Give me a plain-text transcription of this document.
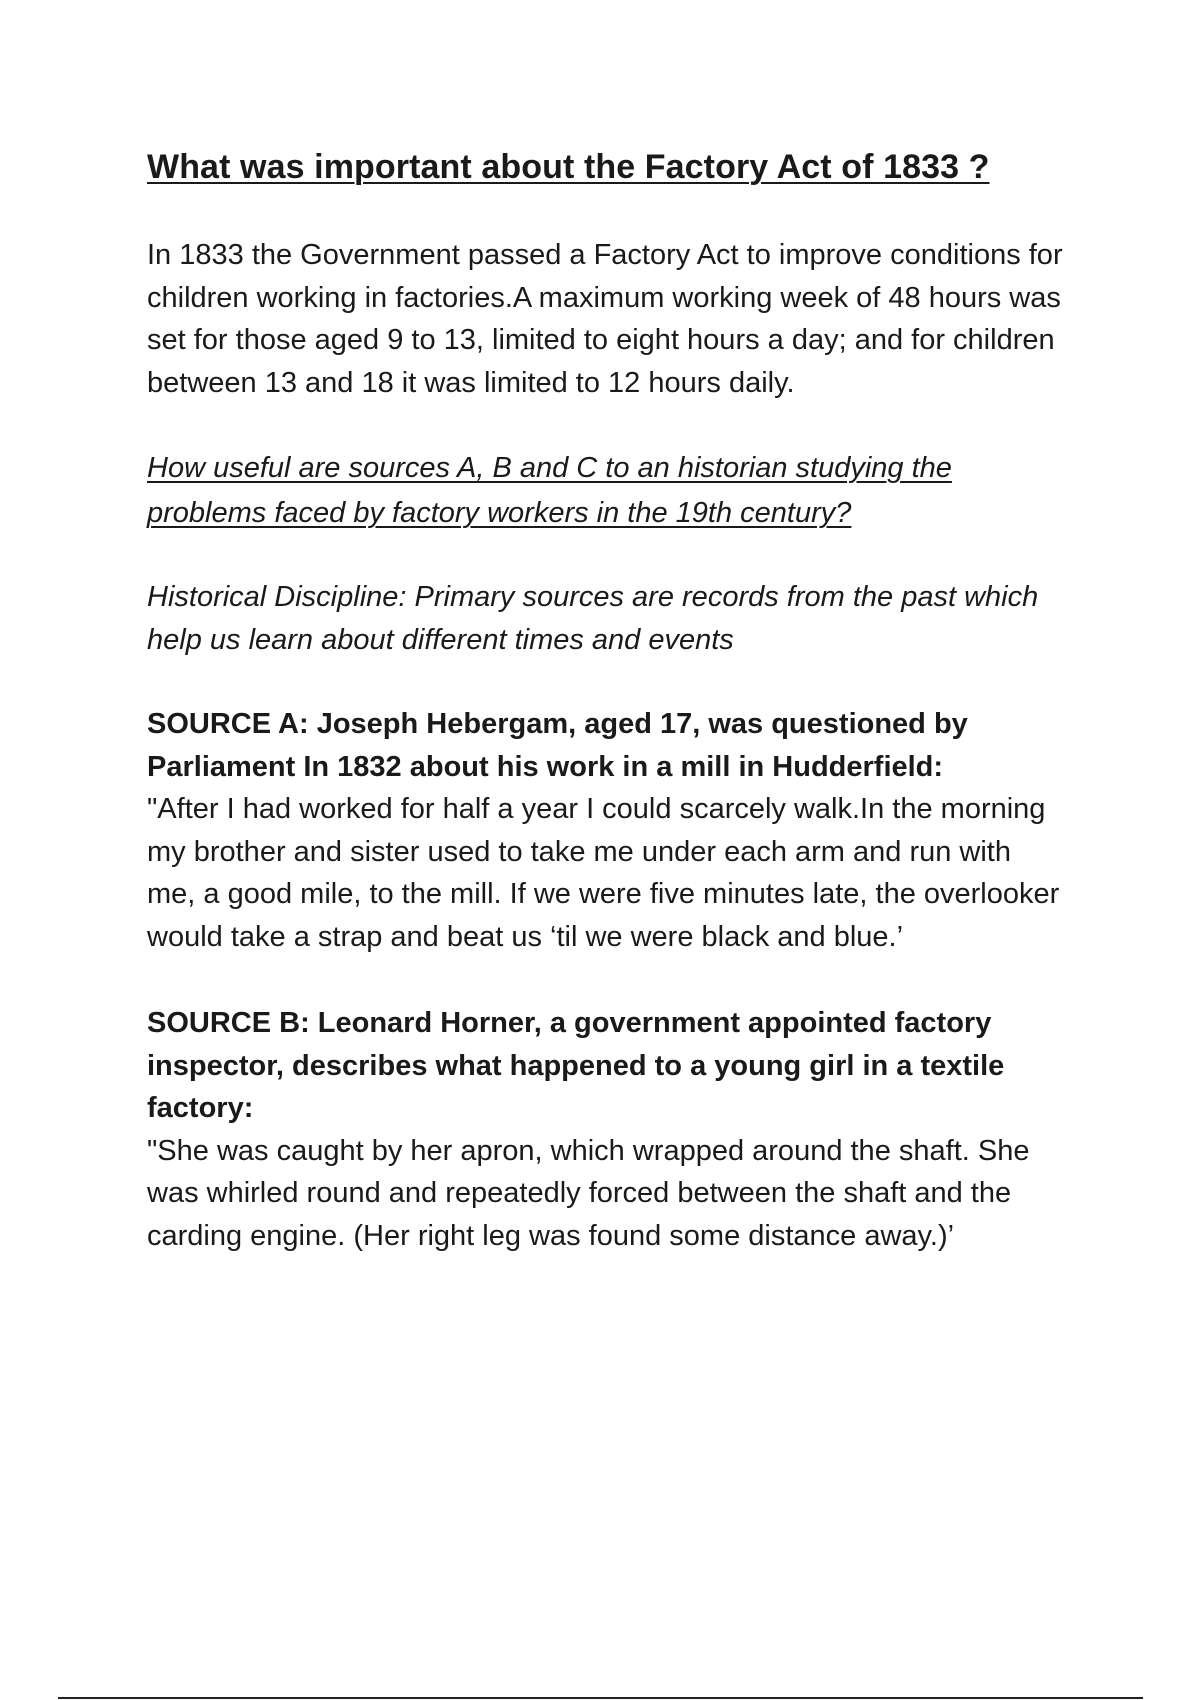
What was important about the Factory Act of 1833 ?

In 1833 the Government passed a Factory Act to improve conditions for children working in factories.A maximum working week of 48 hours was set for those aged 9 to 13, limited to eight hours a day; and for children between 13 and 18 it was limited to 12 hours daily.

How useful are sources A, B and C to an historian studying the problems faced by factory workers in the 19th century?

Historical Discipline: Primary sources are records from the past which help us learn about different times and events

SOURCE A: Joseph Hebergam, aged 17, was questioned by Parliament In 1832 about his work in a mill in Hudderfield:

"After I had worked for half a year I could scarcely walk.In the morning my brother and sister used to take me under each arm and run with me, a good mile, to the mill. If we were five minutes late, the overlooker would take a strap and beat us ‘til we were black and blue.’

SOURCE B: Leonard Horner, a government appointed factory inspector, describes what happened to a young girl in a textile factory:

"She was caught by her apron, which wrapped around the shaft. She was whirled round and repeatedly forced between the shaft and the carding engine. (Her right leg was found some distance away.)’
